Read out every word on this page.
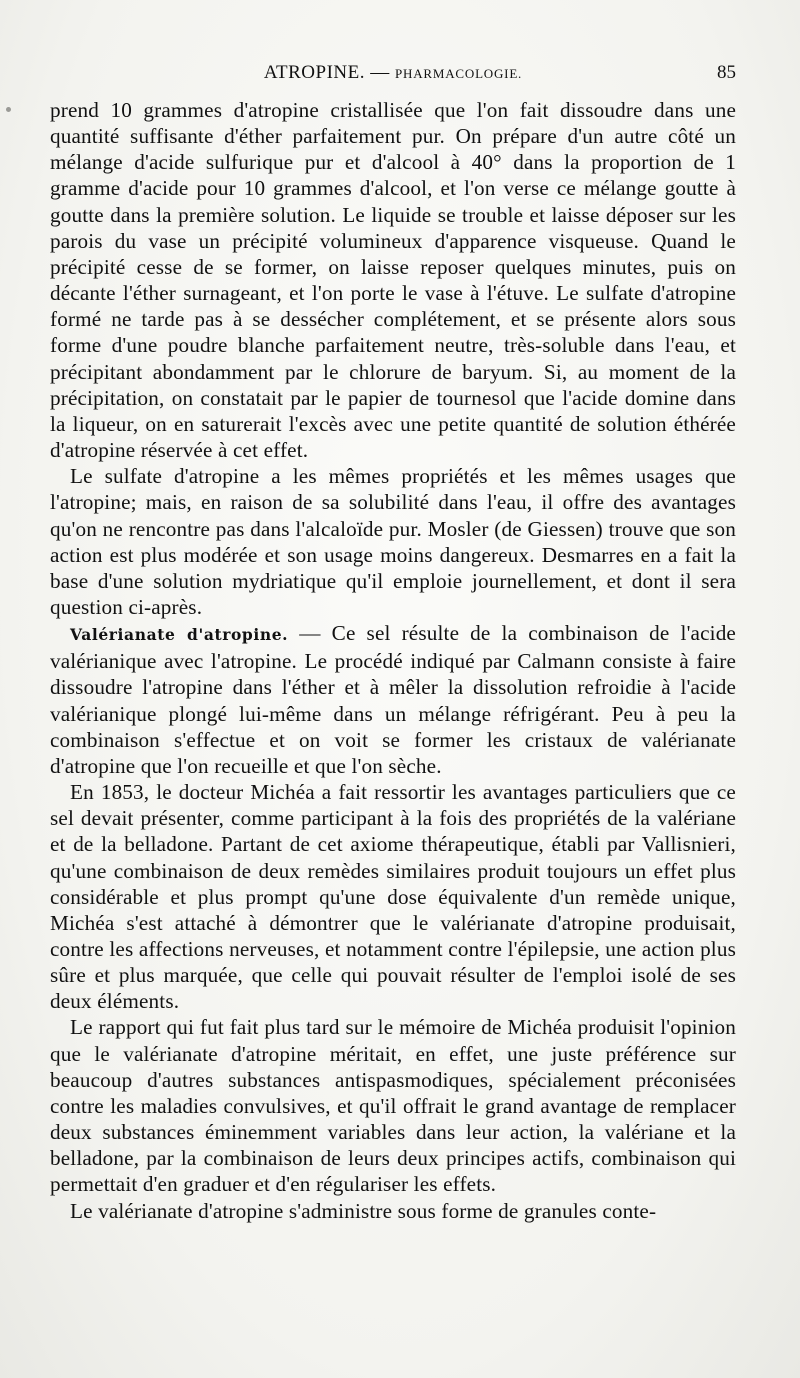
ATROPINE. — PHARMACOLOGIE.	85

prend 10 grammes d'atropine cristallisée que l'on fait dissoudre dans une quantité suffisante d'éther parfaitement pur. On prépare d'un autre côté un mélange d'acide sulfurique pur et d'alcool à 40° dans la proportion de 1 gramme d'acide pour 10 grammes d'alcool, et l'on verse ce mélange goutte à goutte dans la première solution. Le liquide se trouble et laisse déposer sur les parois du vase un précipité volumineux d'apparence visqueuse. Quand le précipité cesse de se former, on laisse reposer quelques minutes, puis on décante l'éther surnageant, et l'on porte le vase à l'étuve. Le sulfate d'atropine formé ne tarde pas à se dessécher complétement, et se présente alors sous forme d'une poudre blanche parfaitement neutre, très-soluble dans l'eau, et précipitant abondamment par le chlorure de baryum. Si, au moment de la précipitation, on constatait par le papier de tournesol que l'acide domine dans la liqueur, on en saturerait l'excès avec une petite quantité de solution éthérée d'atropine réservée à cet effet.

Le sulfate d'atropine a les mêmes propriétés et les mêmes usages que l'atropine; mais, en raison de sa solubilité dans l'eau, il offre des avantages qu'on ne rencontre pas dans l'alcaloïde pur. Mosler (de Giessen) trouve que son action est plus modérée et son usage moins dangereux. Desmarres en a fait la base d'une solution mydriatique qu'il emploie journellement, et dont il sera question ci-après.

Valérianate d'atropine. — Ce sel résulte de la combinaison de l'acide valérianique avec l'atropine. Le procédé indiqué par Calmann consiste à faire dissoudre l'atropine dans l'éther et à mêler la dissolution refroidie à l'acide valérianique plongé lui-même dans un mélange réfrigérant. Peu à peu la combinaison s'effectue et on voit se former les cristaux de valérianate d'atropine que l'on recueille et que l'on sèche.

En 1853, le docteur Michéa a fait ressortir les avantages particuliers que ce sel devait présenter, comme participant à la fois des propriétés de la valériane et de la belladone. Partant de cet axiome thérapeutique, établi par Vallisnieri, qu'une combinaison de deux remèdes similaires produit toujours un effet plus considérable et plus prompt qu'une dose équivalente d'un remède unique, Michéa s'est attaché à démontrer que le valérianate d'atropine produisait, contre les affections nerveuses, et notamment contre l'épilepsie, une action plus sûre et plus marquée, que celle qui pouvait résulter de l'emploi isolé de ses deux éléments.

Le rapport qui fut fait plus tard sur le mémoire de Michéa produisit l'opinion que le valérianate d'atropine méritait, en effet, une juste préférence sur beaucoup d'autres substances antispasmodiques, spécialement préconisées contre les maladies convulsives, et qu'il offrait le grand avantage de remplacer deux substances éminemment variables dans leur action, la valériane et la belladone, par la combinaison de leurs deux principes actifs, combinaison qui permettait d'en graduer et d'en régulariser les effets.

Le valérianate d'atropine s'administre sous forme de granules conte-
